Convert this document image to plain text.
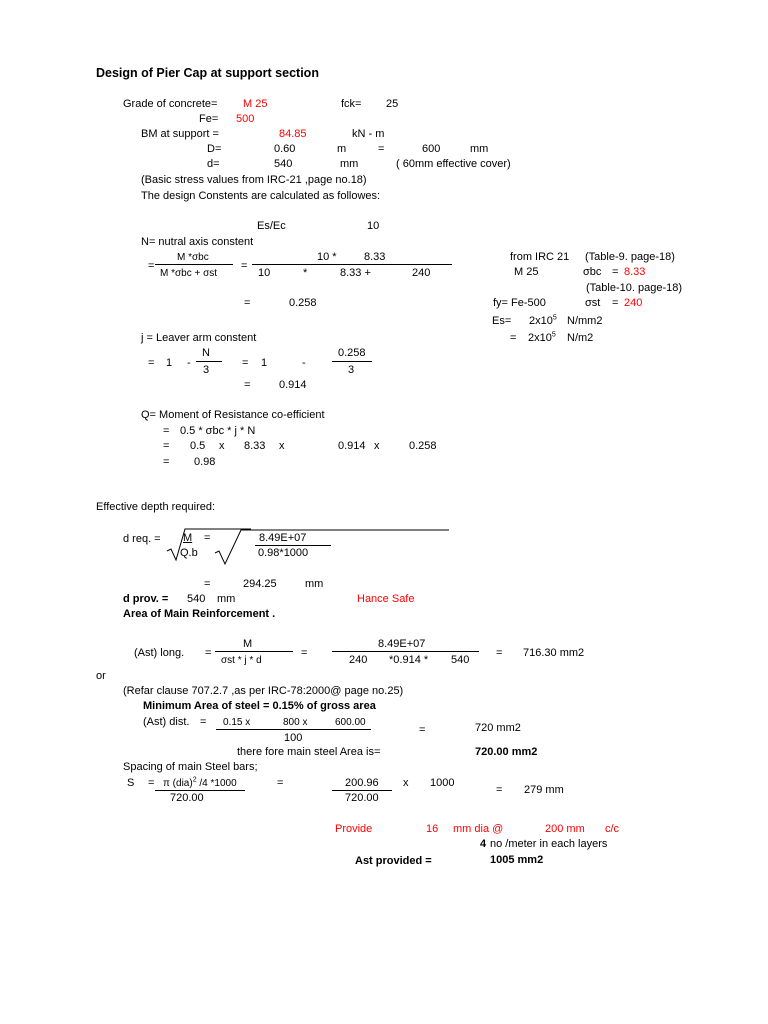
Design of Pier Cap at support section
Grade of concrete= M 25	fck= 25
Fe= 500
BM at support =	84.85	kN - m
D=	0.60	m	=	600	mm
d=	540	mm	( 60mm effective cover)
(Basic stress values from IRC-21 ,page no.18)
The design Constents are calculated as followes:
Es/Ec	10
N= nutral axis constent
M *σbc
=
M *σbc + σst
=
10 * 8.33
10	*	8.33 +	240
=	0.258
from IRC 21 (Table-9. page-18)
M 25	σbc = 8.33
(Table-10. page-18)
fy= Fe-500	σst = 240
$Es= 2x10^5$ N/mm2
= $2x10^5$ N/m2
j = Leaver arm constent
= 1 -
N
3
= 1	-
0.258
3
=	0.914
Q= Moment of Resistance co-efficient
= 0.5 * σbc * j * N
= 0.5 x 8.33 x	0.914 x	0.258
= 0.98
Effective depth required:
d req. = M =
Q.b
8.49E+07
0.98*1000
=	294.25	mm
d prov. = 540 mm	Hance Safe
Area of Main Reinforcement .
(Ast) long. =
M
σst * j * d
=
8.49E+07
240 *0.914 * 540
= 716.30 mm2
or
(Refar clause 707.2.7 ,as per IRC-78:2000@ page no.25)
Minimum Area of steel = 0.15% of gross area
(Ast) dist. = 0.15 x	800 x	600.00
100
=	720 mm2
there fore main steel Area is=	720.00 mm2
Spacing of main Steel bars;
S = π (dia)$^2$ /4 *1000
720.00
=	200.96
720.00
x 1000
= 279 mm
Provide	16 mm dia @	200 mm c/c
4 no /meter in each layers
Ast provided =	1005 mm2
